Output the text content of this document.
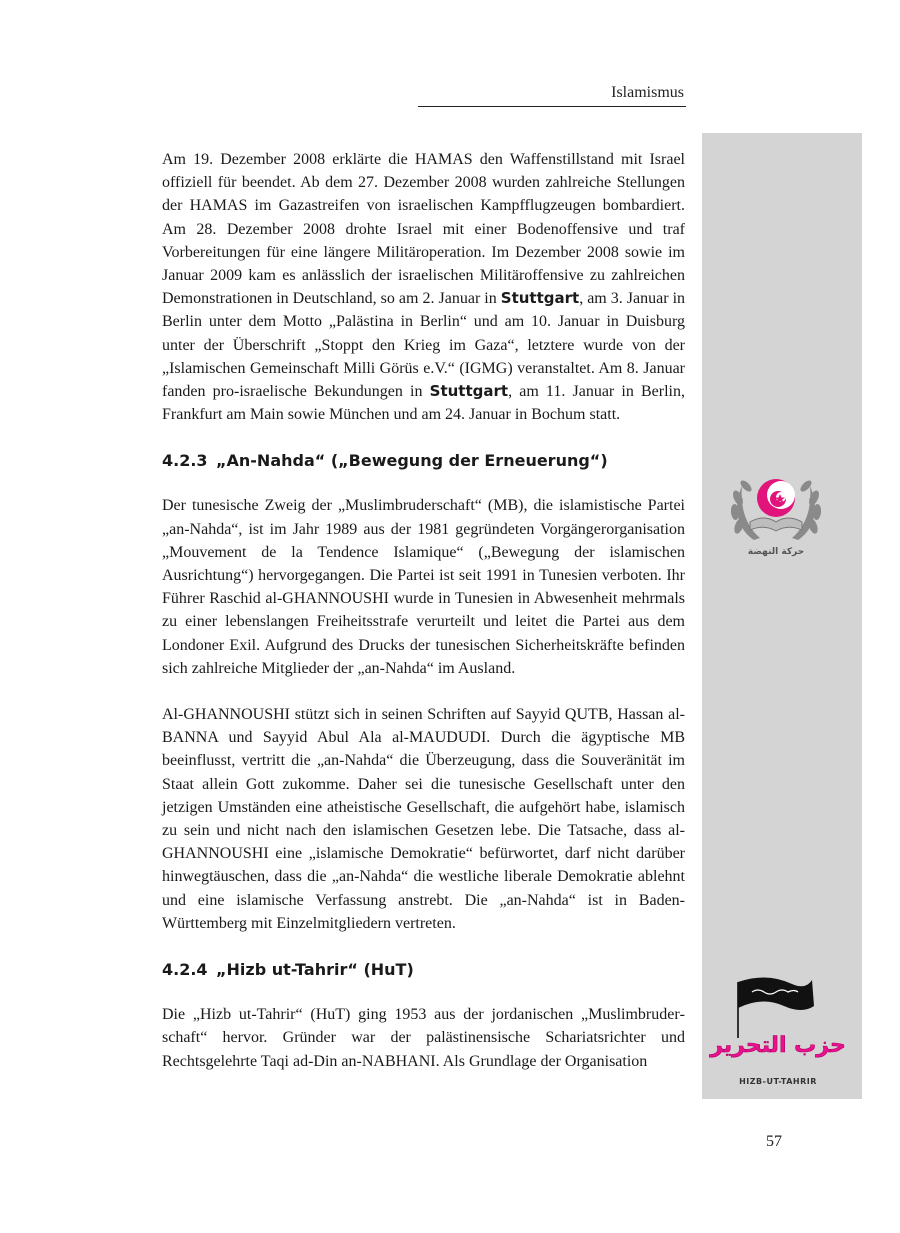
Islamismus

Am 19. Dezember 2008 erklärte die HAMAS den Waffenstillstand mit Israel offiziell für beendet. Ab dem 27. Dezember 2008 wurden zahlreiche Stellungen der HAMAS im Gazastreifen von israelischen Kampfflugzeugen bombardiert. Am 28. Dezember 2008 drohte Israel mit einer Bodenoffensive und traf Vorbereitungen für eine längere Militäroperation. Im Dezember 2008 sowie im Januar 2009 kam es anlässlich der israelischen Militäroffensive zu zahlreichen Demonstrationen in Deutschland, so am 2. Januar in Stuttgart, am 3. Januar in Berlin unter dem Motto „Palästina in Berlin“ und am 10. Januar in Duisburg unter der Überschrift „Stoppt den Krieg im Gaza“, letztere wurde von der „Islamischen Gemeinschaft Milli Görüs e.V.“ (IGMG) veranstaltet. Am 8. Januar fanden pro-israelische Bekundungen in Stuttgart, am 11. Januar in Berlin, Frankfurt am Main sowie München und am 24. Januar in Bochum statt.

4.2.3 „An-Nahda“ („Bewegung der Erneuerung“)

Der tunesische Zweig der „Muslimbruderschaft“ (MB), die islamistische Partei „an-Nahda“, ist im Jahr 1989 aus der 1981 gegründeten Vorgängerorganisation „Mouvement de la Tendence Islamique“ („Bewegung der islamischen Ausrichtung“) hervorgegangen. Die Partei ist seit 1991 in Tunesien verboten. Ihr Führer Raschid al-GHANNOUSHI wurde in Tunesien in Abwesenheit mehrmals zu einer lebenslangen Freiheitsstrafe verurteilt und leitet die Partei aus dem Londoner Exil. Aufgrund des Drucks der tunesischen Sicherheitskräfte befinden sich zahlreiche Mitglieder der „an-Nahda“ im Ausland.

Al-GHANNOUSHI stützt sich in seinen Schriften auf Sayyid QUTB, Hassan al-BANNA und Sayyid Abul Ala al-MAUDUDI. Durch die ägyptische MB beeinflusst, vertritt die „an-Nahda“ die Überzeugung, dass die Souveränität im Staat allein Gott zukomme. Daher sei die tunesische Gesellschaft unter den jetzigen Umständen eine atheistische Gesellschaft, die aufgehört habe, islamisch zu sein und nicht nach den islamischen Gesetzen lebe. Die Tatsache, dass al-GHANNOUSHI eine „islamische Demokratie“ befürwortet, darf nicht darüber hinwegtäuschen, dass die „an-Nahda“ die westliche liberale Demokratie ablehnt und eine islamische Verfassung anstrebt. Die „an-Nahda“ ist in Baden-Württemberg mit Einzelmitgliedern vertreten.

4.2.4 „Hizb ut-Tahrir“ (HuT)

Die „Hizb ut-Tahrir“ (HuT) ging 1953 aus der jordanischen „Muslimbruderschaft“ hervor. Gründer war der palästinensische Schariatsrichter und Rechtsgelehrte Taqi ad-Din an-NABHANI. Als Grundlage der Organisation

حركة النهضة
حزب التحرير
HIZB-UT-TAHRIR
57
